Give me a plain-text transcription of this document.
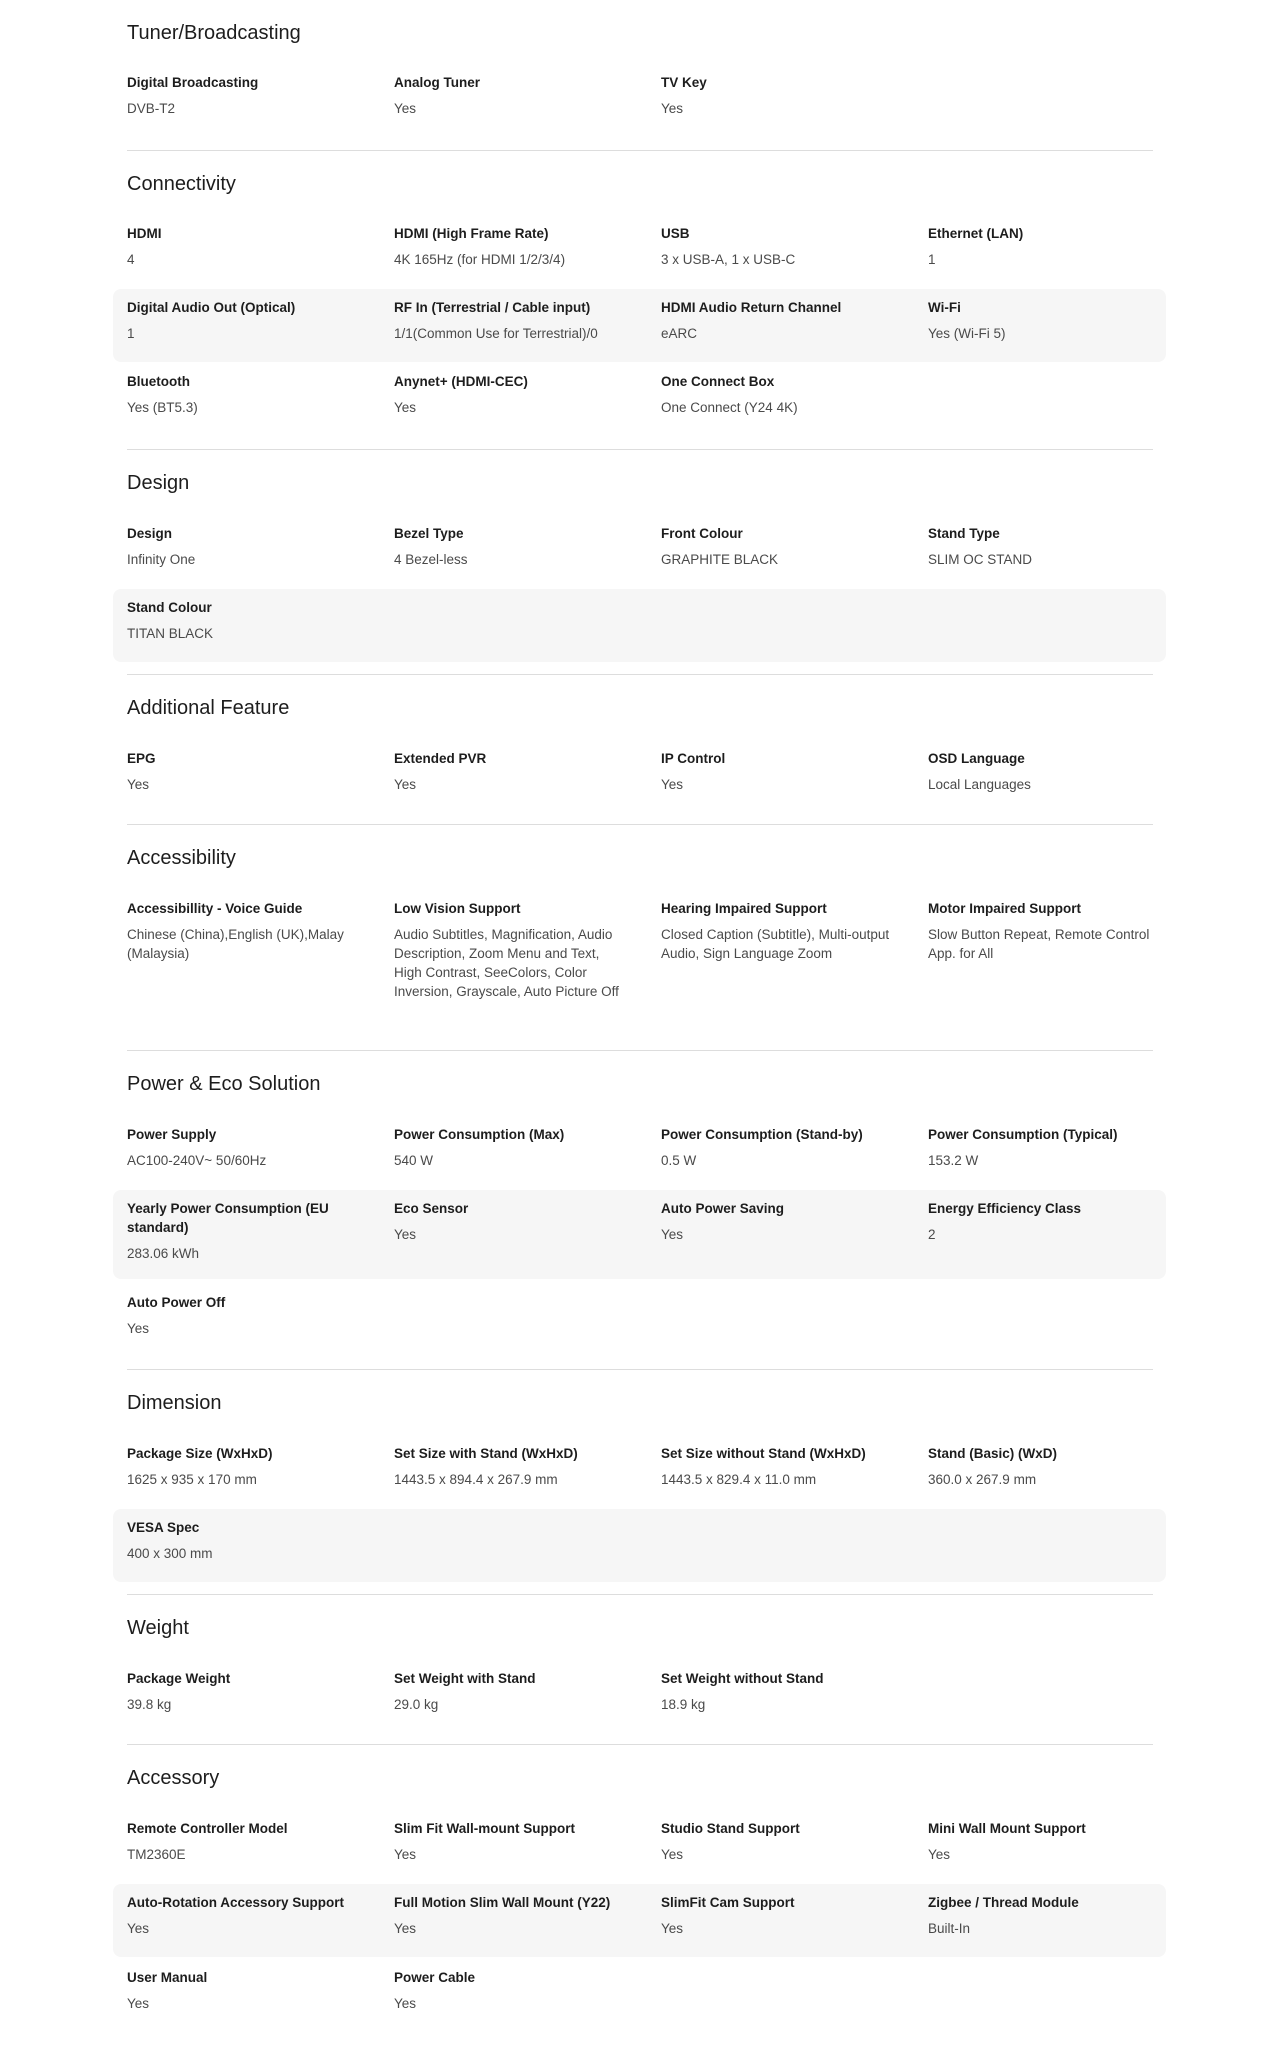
Tuner/Broadcasting
Digital Broadcasting
DVB-T2
Analog Tuner
Yes
TV Key
Yes
Connectivity
HDMI
4
HDMI (High Frame Rate)
4K 165Hz (for HDMI 1/2/3/4)
USB
3 x USB-A, 1 x USB-C
Ethernet (LAN)
1
Digital Audio Out (Optical)
1
RF In (Terrestrial / Cable input)
1/1(Common Use for Terrestrial)/0
HDMI Audio Return Channel
eARC
Wi-Fi
Yes (Wi-Fi 5)
Bluetooth
Yes (BT5.3)
Anynet+ (HDMI-CEC)
Yes
One Connect Box
One Connect (Y24 4K)
Design
Design
Infinity One
Bezel Type
4 Bezel-less
Front Colour
GRAPHITE BLACK
Stand Type
SLIM OC STAND
Stand Colour
TITAN BLACK
Additional Feature
EPG
Yes
Extended PVR
Yes
IP Control
Yes
OSD Language
Local Languages
Accessibility
Accessibillity - Voice Guide
Chinese (China),English (UK),Malay (Malaysia)
Low Vision Support
Audio Subtitles, Magnification, Audio Description, Zoom Menu and Text, High Contrast, SeeColors, Color Inversion, Grayscale, Auto Picture Off
Hearing Impaired Support
Closed Caption (Subtitle), Multi-output Audio, Sign Language Zoom
Motor Impaired Support
Slow Button Repeat, Remote Control App. for All
Power & Eco Solution
Power Supply
AC100-240V~ 50/60Hz
Power Consumption (Max)
540 W
Power Consumption (Stand-by)
0.5 W
Power Consumption (Typical)
153.2 W
Yearly Power Consumption (EU standard)
283.06 kWh
Eco Sensor
Yes
Auto Power Saving
Yes
Energy Efficiency Class
2
Auto Power Off
Yes
Dimension
Package Size (WxHxD)
1625 x 935 x 170 mm
Set Size with Stand (WxHxD)
1443.5 x 894.4 x 267.9 mm
Set Size without Stand (WxHxD)
1443.5 x 829.4 x 11.0 mm
Stand (Basic) (WxD)
360.0 x 267.9 mm
VESA Spec
400 x 300 mm
Weight
Package Weight
39.8 kg
Set Weight with Stand
29.0 kg
Set Weight without Stand
18.9 kg
Accessory
Remote Controller Model
TM2360E
Slim Fit Wall-mount Support
Yes
Studio Stand Support
Yes
Mini Wall Mount Support
Yes
Auto-Rotation Accessory Support
Yes
Full Motion Slim Wall Mount (Y22)
Yes
SlimFit Cam Support
Yes
Zigbee / Thread Module
Built-In
User Manual
Yes
Power Cable
Yes
